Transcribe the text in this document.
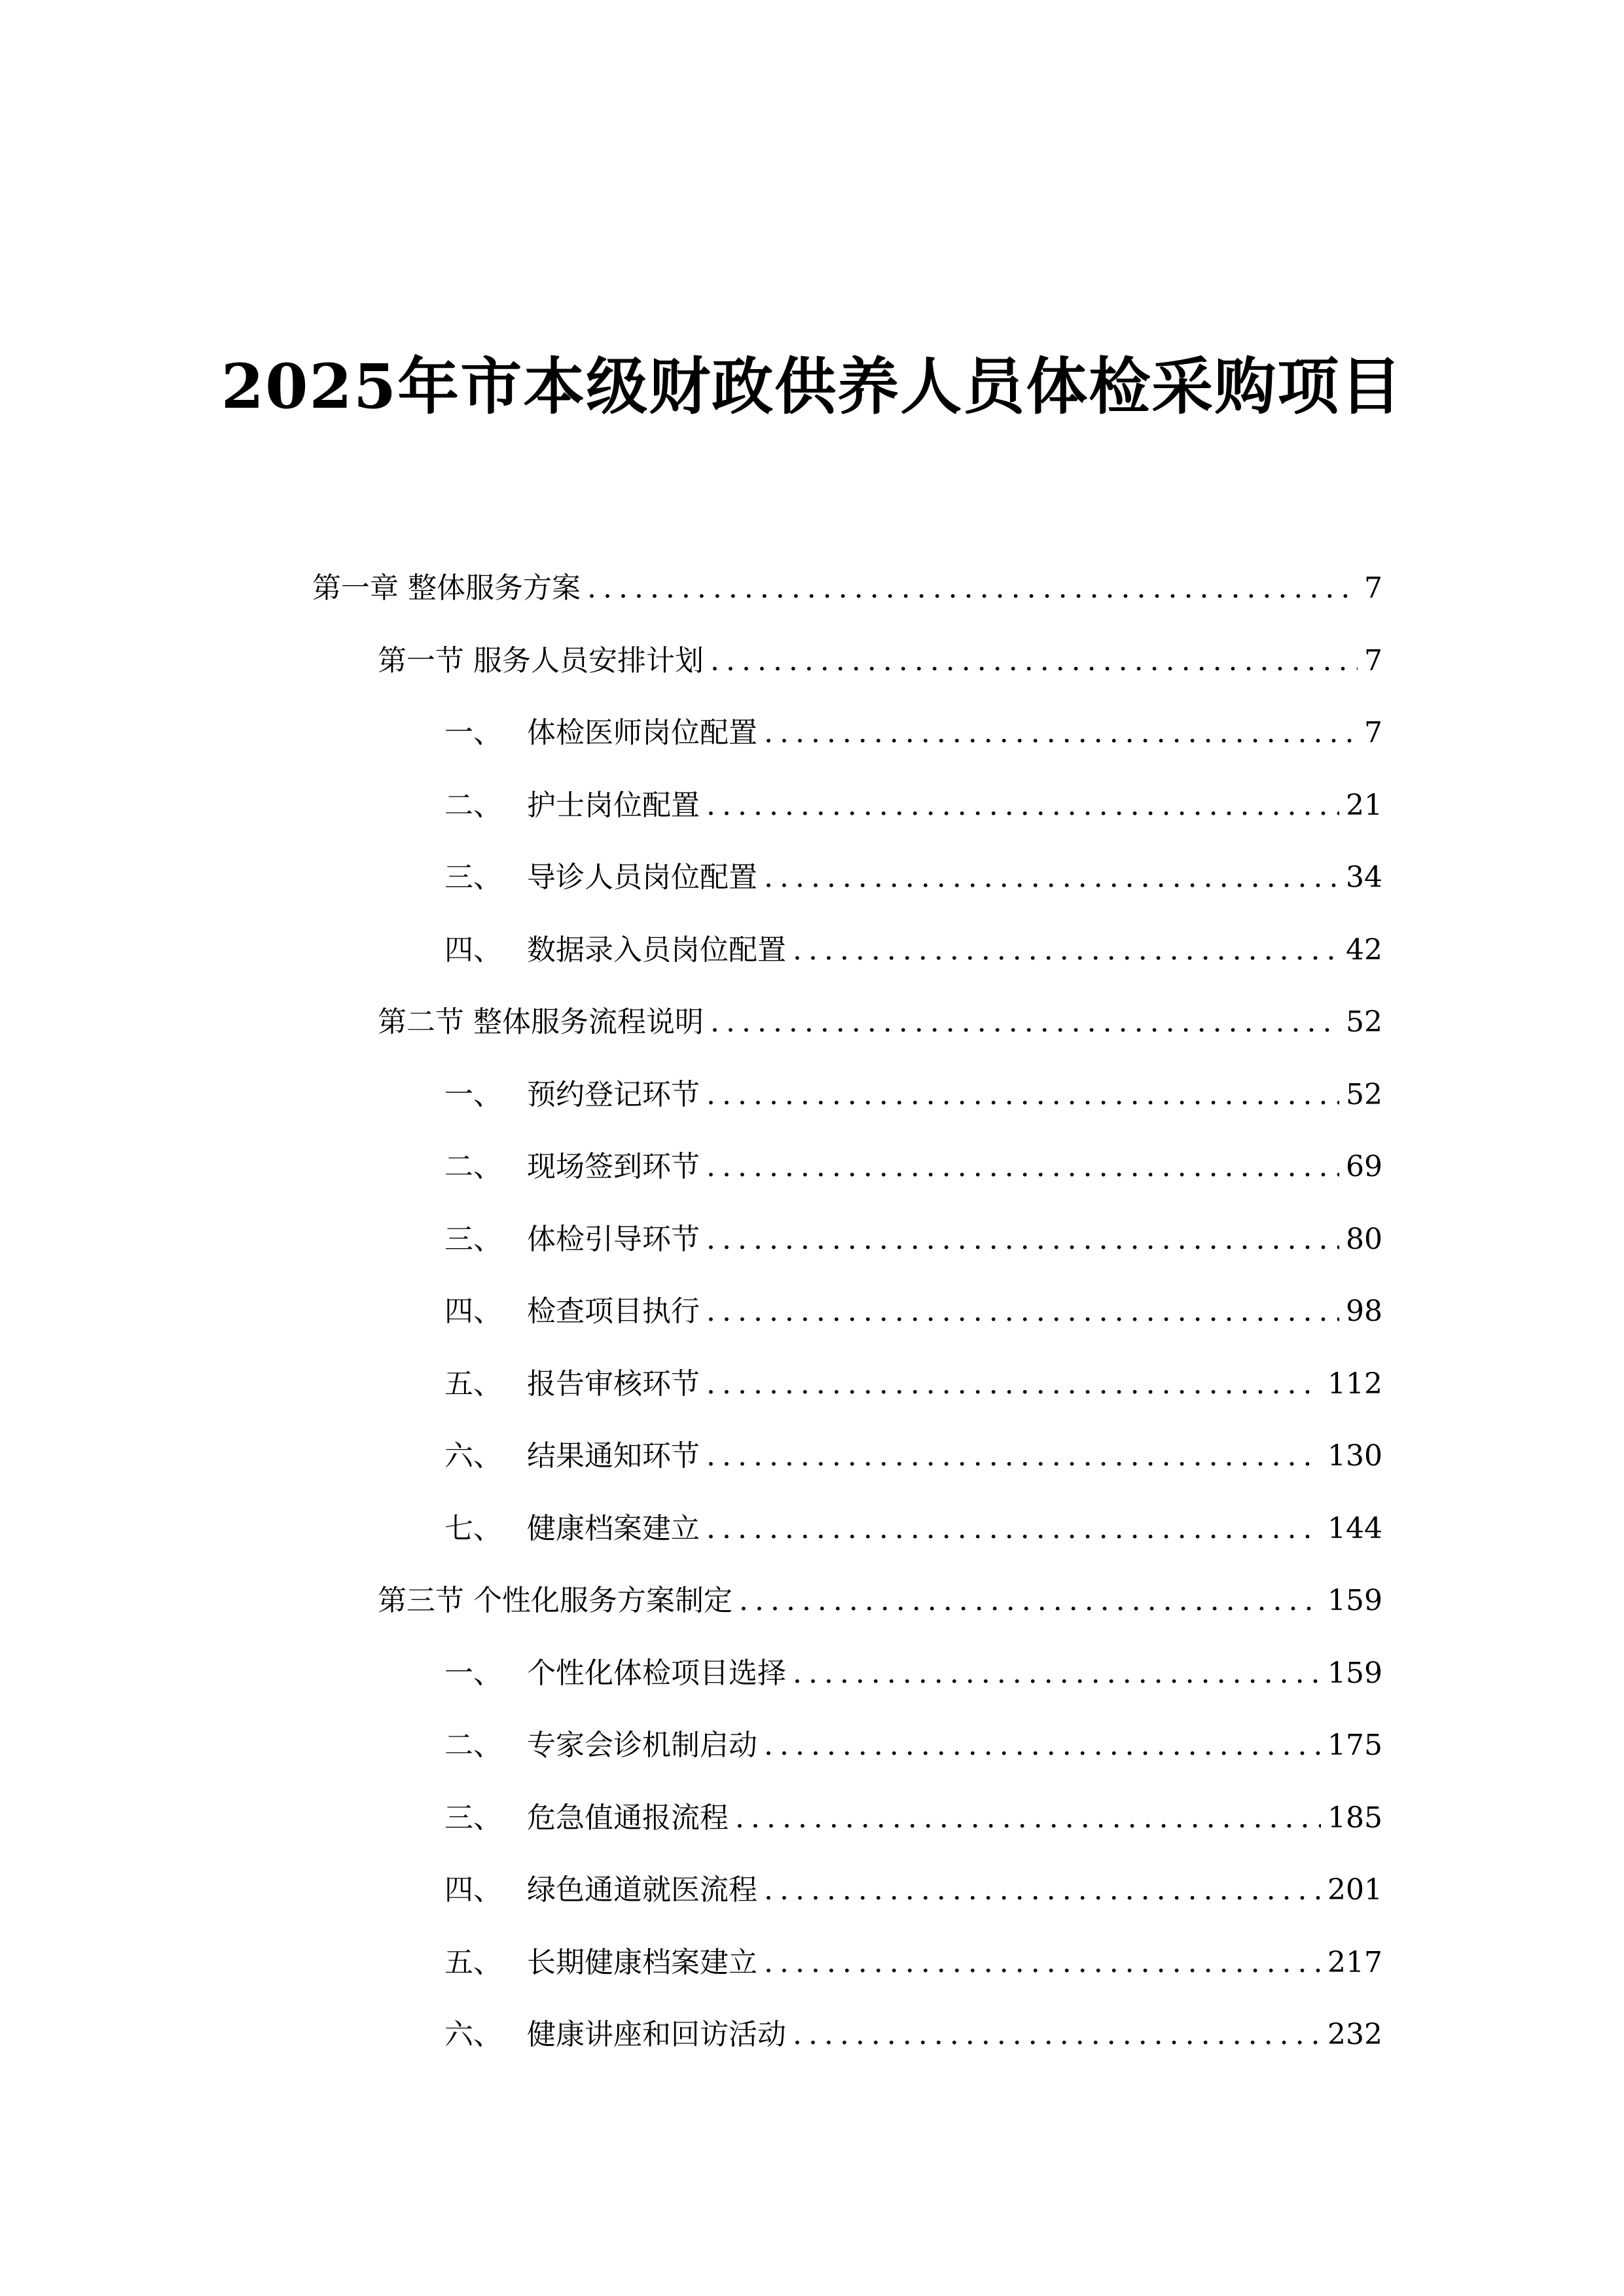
2025年市本级财政供养人员体检采购项目
第一章 整体服务方案 .....	7
第一节 服务人员安排计划 .....	7
一、 体检医师岗位配置 .....	7
二、 护士岗位配置 .....	21
三、 导诊人员岗位配置 .....	34
四、 数据录入员岗位配置 .....	42
第二节 整体服务流程说明 .....	52
一、 预约登记环节 .....	52
二、 现场签到环节 .....	69
三、 体检引导环节 .....	80
四、 检查项目执行 .....	98
五、 报告审核环节 .....	112
六、 结果通知环节 .....	130
七、 健康档案建立 .....	144
第三节 个性化服务方案制定 .....	159
一、 个性化体检项目选择 .....	159
二、 专家会诊机制启动 .....	175
三、 危急值通报流程 .....	185
四、 绿色通道就医流程 .....	201
五、 长期健康档案建立 .....	217
六、 健康讲座和回访活动 .....	232
